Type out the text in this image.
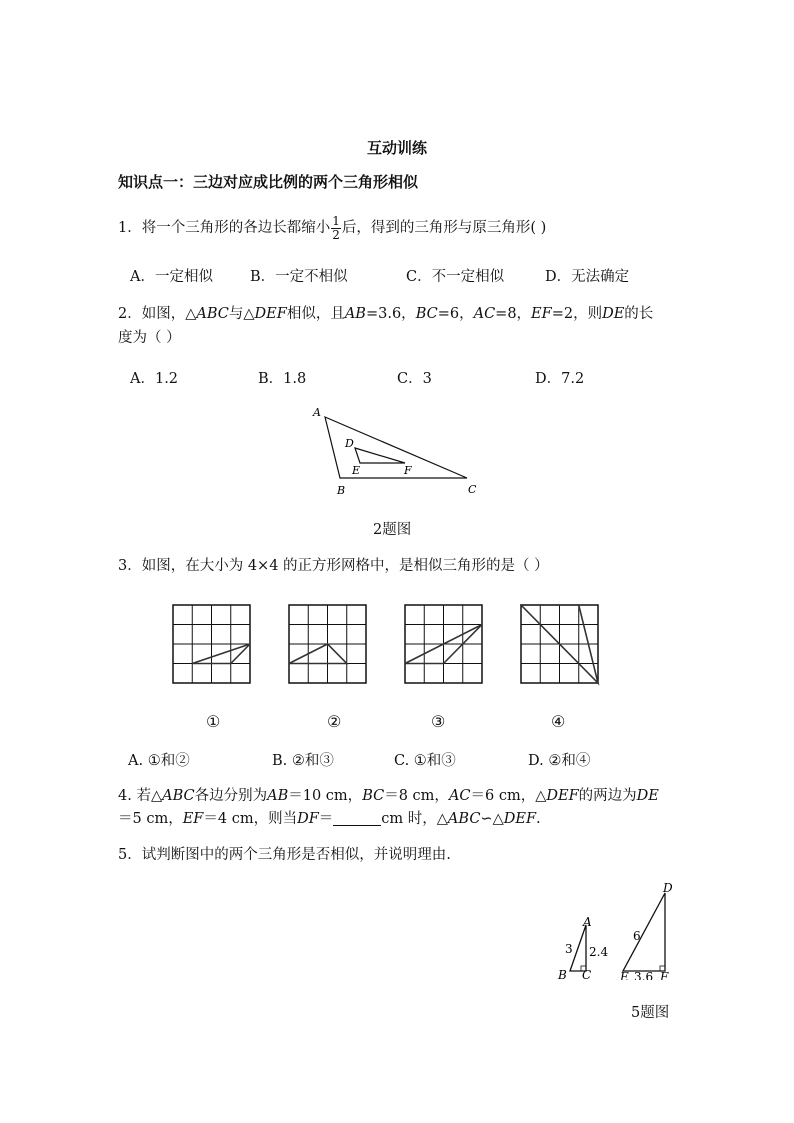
互动训练
知识点一：三边对应成比例的两个三角形相似
1．将一个三角形的各边长都缩小 $\frac{1}{2}$ 后，得到的三角形与原三角形( )
A．一定相似	B．一定不相似	C．不一定相似	D．无法确定
2．如图，△ABC与△DEF相似，且AB=3.6，BC=6，AC=8，EF=2，则DE的长
度为（ ）
A．1.2	B．1.8	C．3	D．7.2
A
B	C
D
E	F
2题图
3．如图，在大小为 4×4 的正方形网格中，是相似三角形的是（ ）
①	②	③	④
A. ①和②	B. ②和③	C. ①和③	D. ②和④
4. 若△ABC各边分别为AB＝10 cm，BC＝8 cm，AC＝6 cm，△DEF的两边为DE
＝5 cm，EF＝4 cm，则当DF＝	cm 时，△ABC∽△DEF.
5．试判断图中的两个三角形是否相似，并说明理由.
A
B C
3 2.4
D
E	F
6
3.6
5题图
